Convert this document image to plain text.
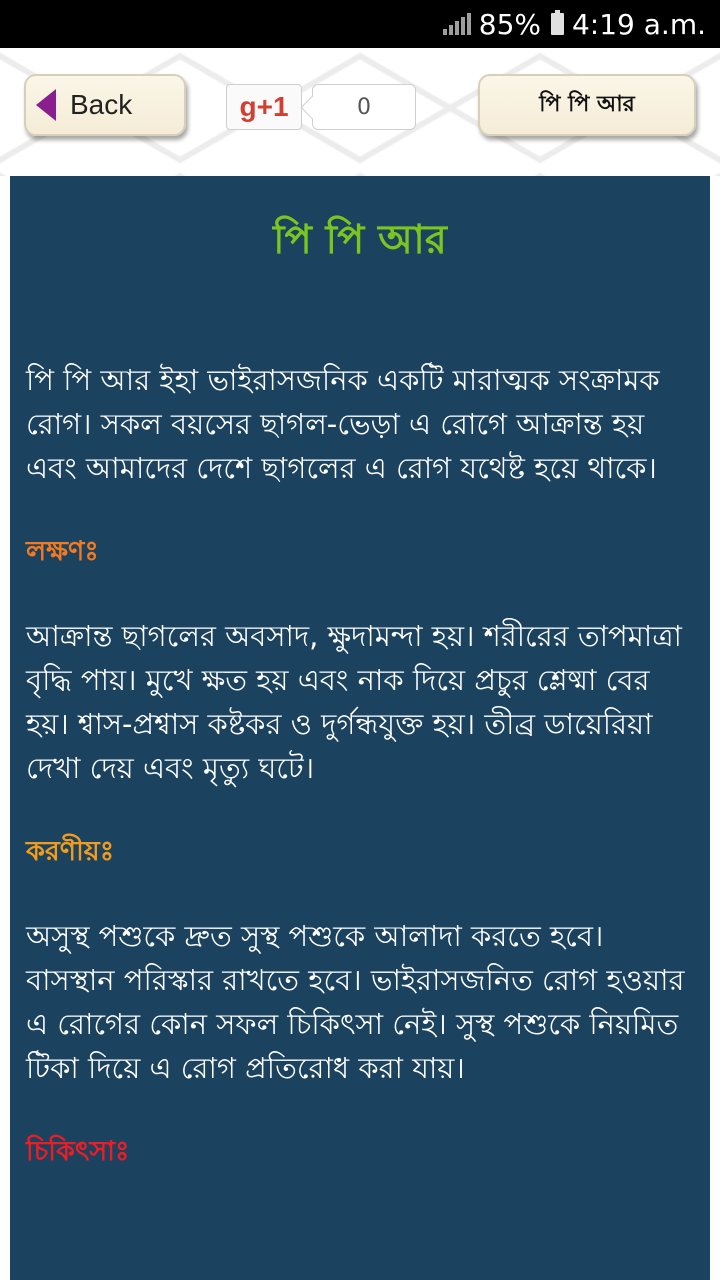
85% 4:19 a.m.
Back	g+1	0	পি পি আর
পি পি আর

পি পি আর ইহা ভাইরাসজনিক একটি মারাত্মক সংক্রামক রোগ। সকল বয়সের ছাগল-ভেড়া এ রোগে আক্রান্ত হয় এবং আমাদের দেশে ছাগলের এ রোগ যথেষ্ট হয়ে থাকে।

লক্ষণঃ

আক্রান্ত ছাগলের অবসাদ, ক্ষুদামন্দা হয়। শরীরের তাপমাত্রা বৃদ্ধি পায়। মুখে ক্ষত হয় এবং নাক দিয়ে প্রচুর শ্লেষ্মা বের হয়। শ্বাস-প্রশ্বাস কষ্টকর ও দুর্গন্ধযুক্ত হয়। তীব্র ডায়েরিয়া দেখা দেয় এবং মৃত্যু ঘটে।

করণীয়ঃ

অসুস্থ পশুকে দ্রুত সুস্থ পশুকে আলাদা করতে হবে। বাসস্থান পরিস্কার রাখতে হবে। ভাইরাসজনিত রোগ হওয়ার এ রোগের কোন সফল চিকিৎসা নেই। সুস্থ পশুকে নিয়মিত টিকা দিয়ে এ রোগ প্রতিরোধ করা যায়।

চিকিৎসাঃ
